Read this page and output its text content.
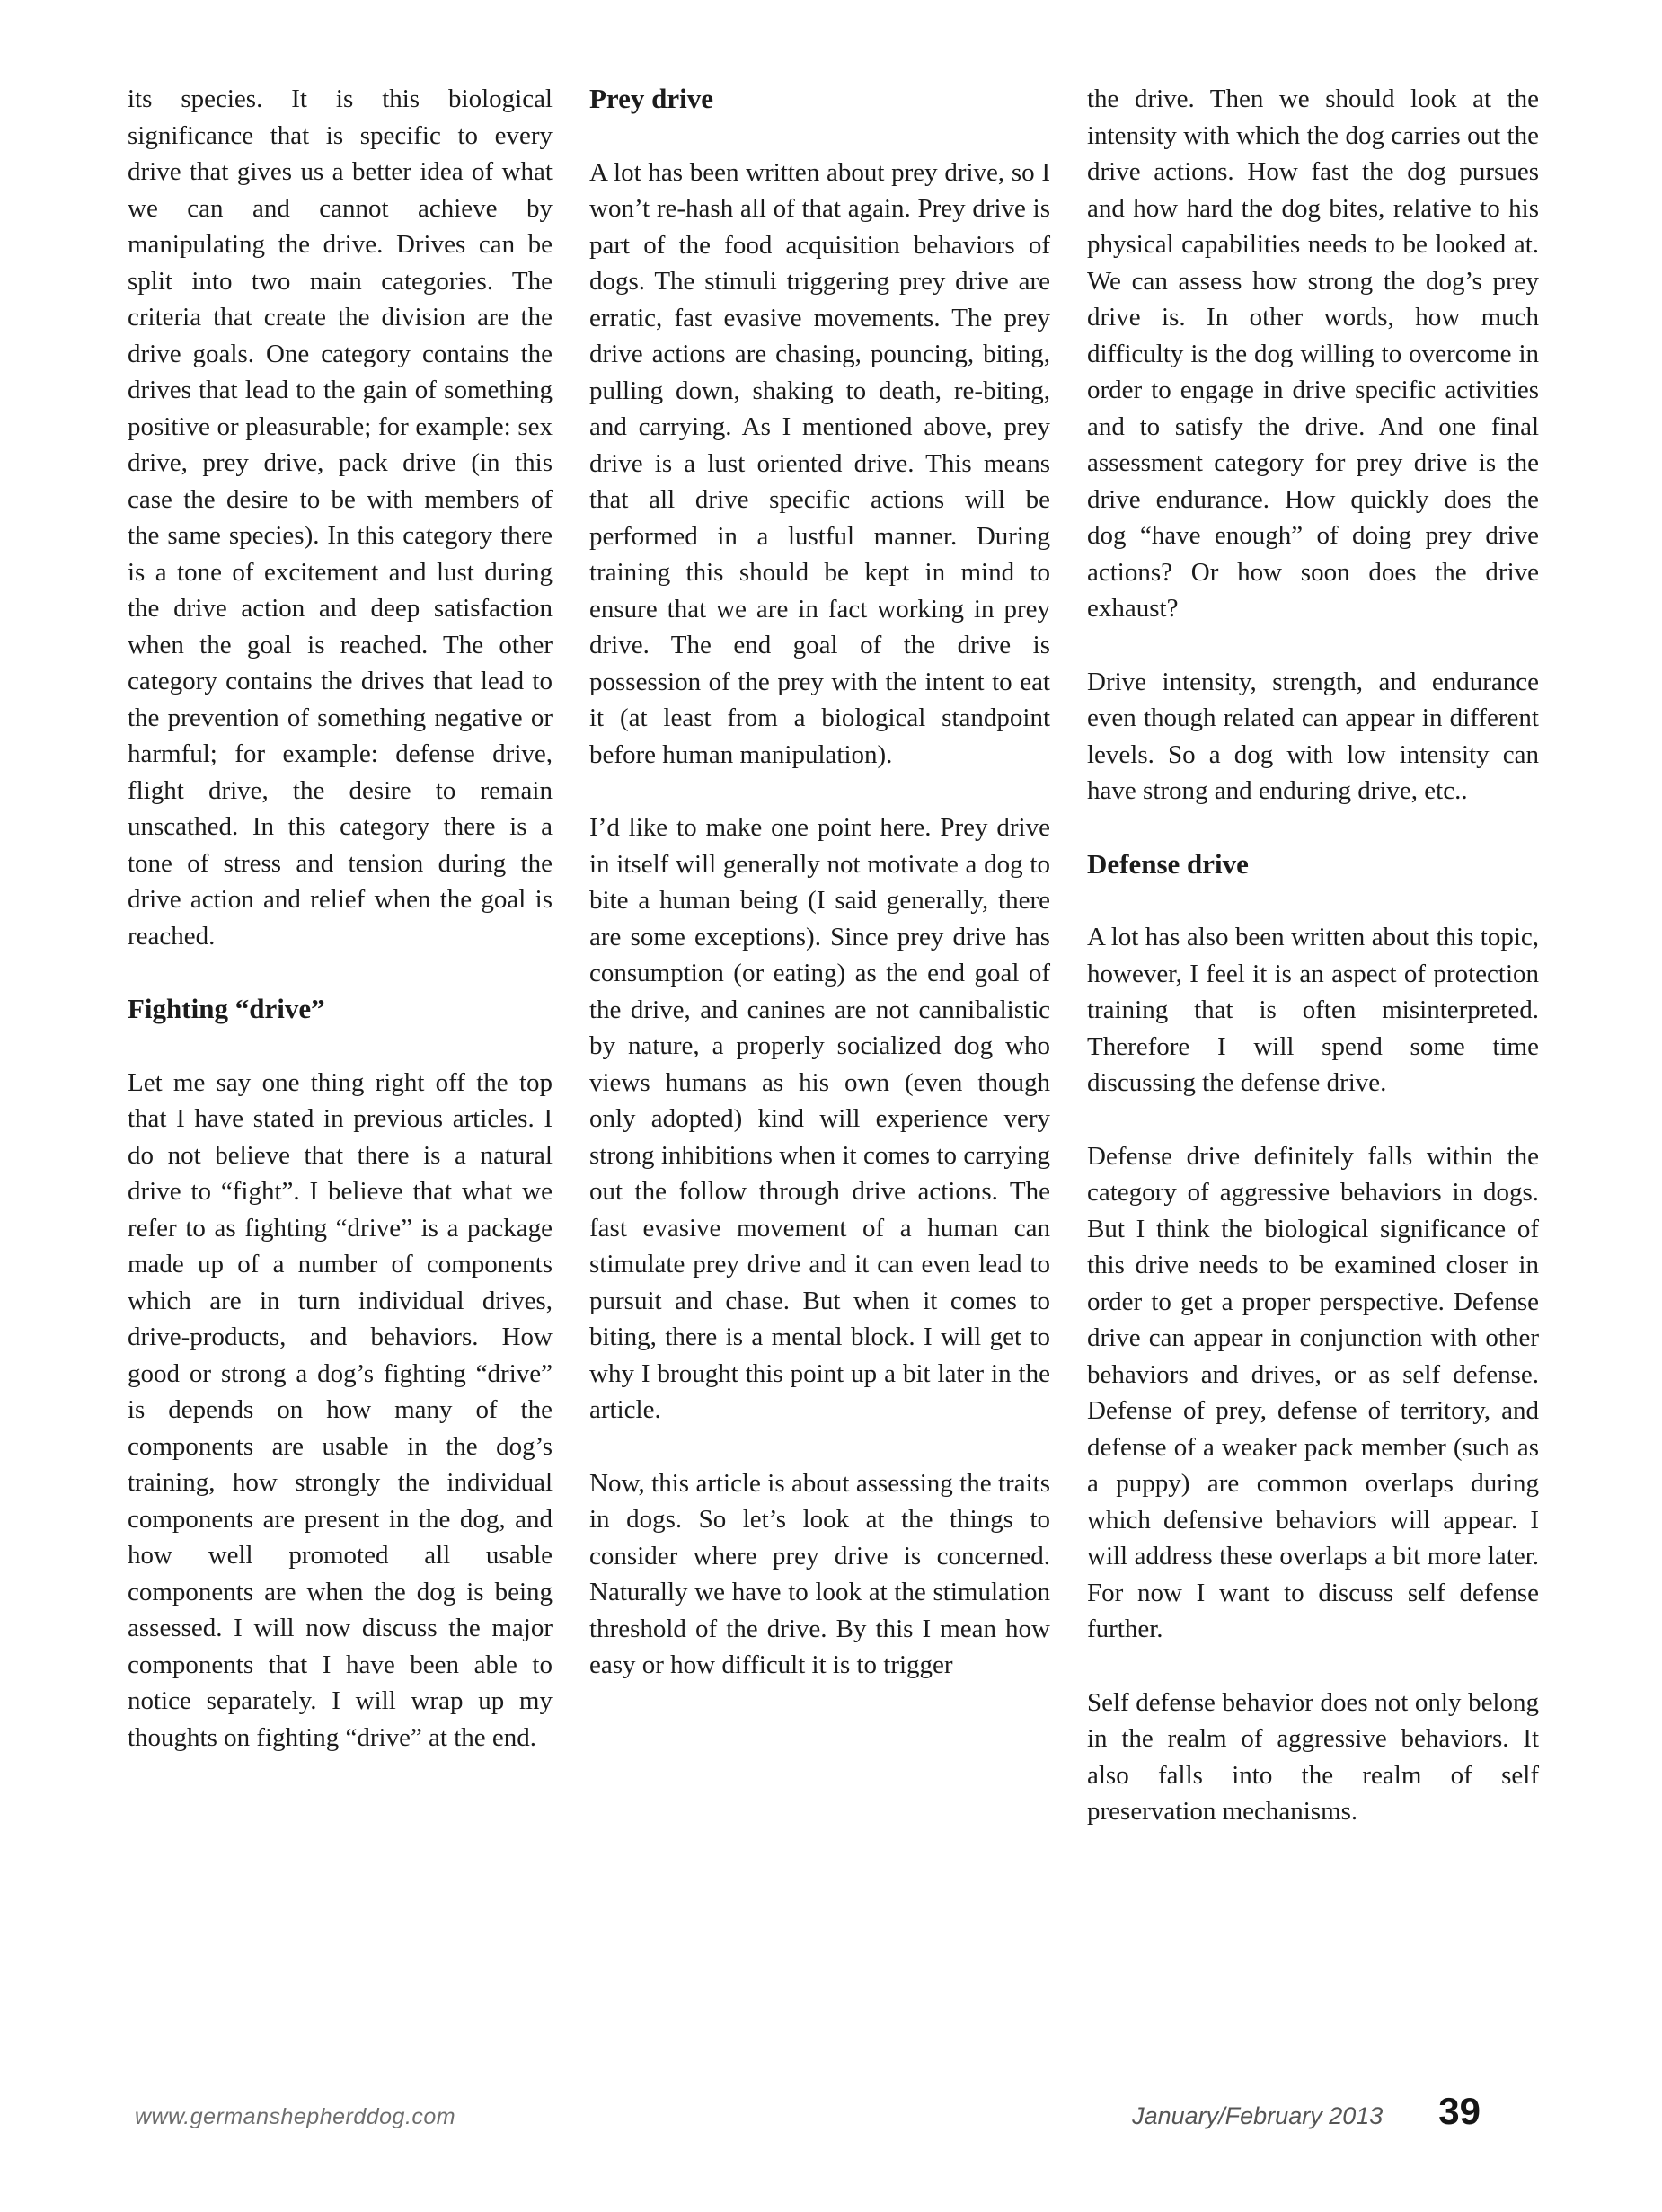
its species. It is this biological significance that is specific to every drive that gives us a better idea of what we can and cannot achieve by manipulating the drive. Drives can be split into two main categories. The criteria that create the division are the drive goals. One category contains the drives that lead to the gain of something positive or pleasurable; for example: sex drive, prey drive, pack drive (in this case the desire to be with members of the same species). In this category there is a tone of excitement and lust during the drive action and deep satisfaction when the goal is reached. The other category contains the drives that lead to the prevention of something negative or harmful; for example: defense drive, flight drive, the desire to remain unscathed. In this category there is a tone of stress and tension during the drive action and relief when the goal is reached.

Fighting “drive”

Let me say one thing right off the top that I have stated in previous articles. I do not believe that there is a natural drive to “fight”. I believe that what we refer to as fighting “drive” is a package made up of a number of components which are in turn individual drives, drive-products, and behaviors. How good or strong a dog’s fighting “drive” is depends on how many of the components are usable in the dog’s training, how strongly the individual components are present in the dog, and how well promoted all usable components are when the dog is being assessed. I will now discuss the major components that I have been able to notice separately. I will wrap up my thoughts on fighting “drive” at the end.

Prey drive

A lot has been written about prey drive, so I won’t re-hash all of that again. Prey drive is part of the food acquisition behaviors of dogs. The stimuli triggering prey drive are erratic, fast evasive movements. The prey drive actions are chasing, pouncing, biting, pulling down, shaking to death, re-biting, and carrying. As I mentioned above, prey drive is a lust oriented drive. This means that all drive specific actions will be performed in a lustful manner. During training this should be kept in mind to ensure that we are in fact working in prey drive. The end goal of the drive is possession of the prey with the intent to eat it (at least from a biological standpoint before human manipulation).

I’d like to make one point here. Prey drive in itself will generally not motivate a dog to bite a human being (I said generally, there are some exceptions). Since prey drive has consumption (or eating) as the end goal of the drive, and canines are not cannibalistic by nature, a properly socialized dog who views humans as his own (even though only adopted) kind will experience very strong inhibitions when it comes to carrying out the follow through drive actions. The fast evasive movement of a human can stimulate prey drive and it can even lead to pursuit and chase. But when it comes to biting, there is a mental block. I will get to why I brought this point up a bit later in the article.

Now, this article is about assessing the traits in dogs. So let’s look at the things to consider where prey drive is concerned. Naturally we have to look at the stimulation threshold of the drive. By this I mean how easy or how difficult it is to trigger

the drive. Then we should look at the intensity with which the dog carries out the drive actions. How fast the dog pursues and how hard the dog bites, relative to his physical capabilities needs to be looked at. We can assess how strong the dog’s prey drive is. In other words, how much difficulty is the dog willing to overcome in order to engage in drive specific activities and to satisfy the drive. And one final assessment category for prey drive is the drive endurance. How quickly does the dog “have enough” of doing prey drive actions? Or how soon does the drive exhaust?

Drive intensity, strength, and endurance even though related can appear in different levels. So a dog with low intensity can have strong and enduring drive, etc..

Defense drive

A lot has also been written about this topic, however, I feel it is an aspect of protection training that is often misinterpreted. Therefore I will spend some time discussing the defense drive.

Defense drive definitely falls within the category of aggressive behaviors in dogs. But I think the biological significance of this drive needs to be examined closer in order to get a proper perspective. Defense drive can appear in conjunction with other behaviors and drives, or as self defense. Defense of prey, defense of territory, and defense of a weaker pack member (such as a puppy) are common overlaps during which defensive behaviors will appear. I will address these overlaps a bit more later. For now I want to discuss self defense further.

Self defense behavior does not only belong in the realm of aggressive behaviors. It also falls into the realm of self preservation mechanisms.

www.germanshepherddog.com	January/February 2013 39
